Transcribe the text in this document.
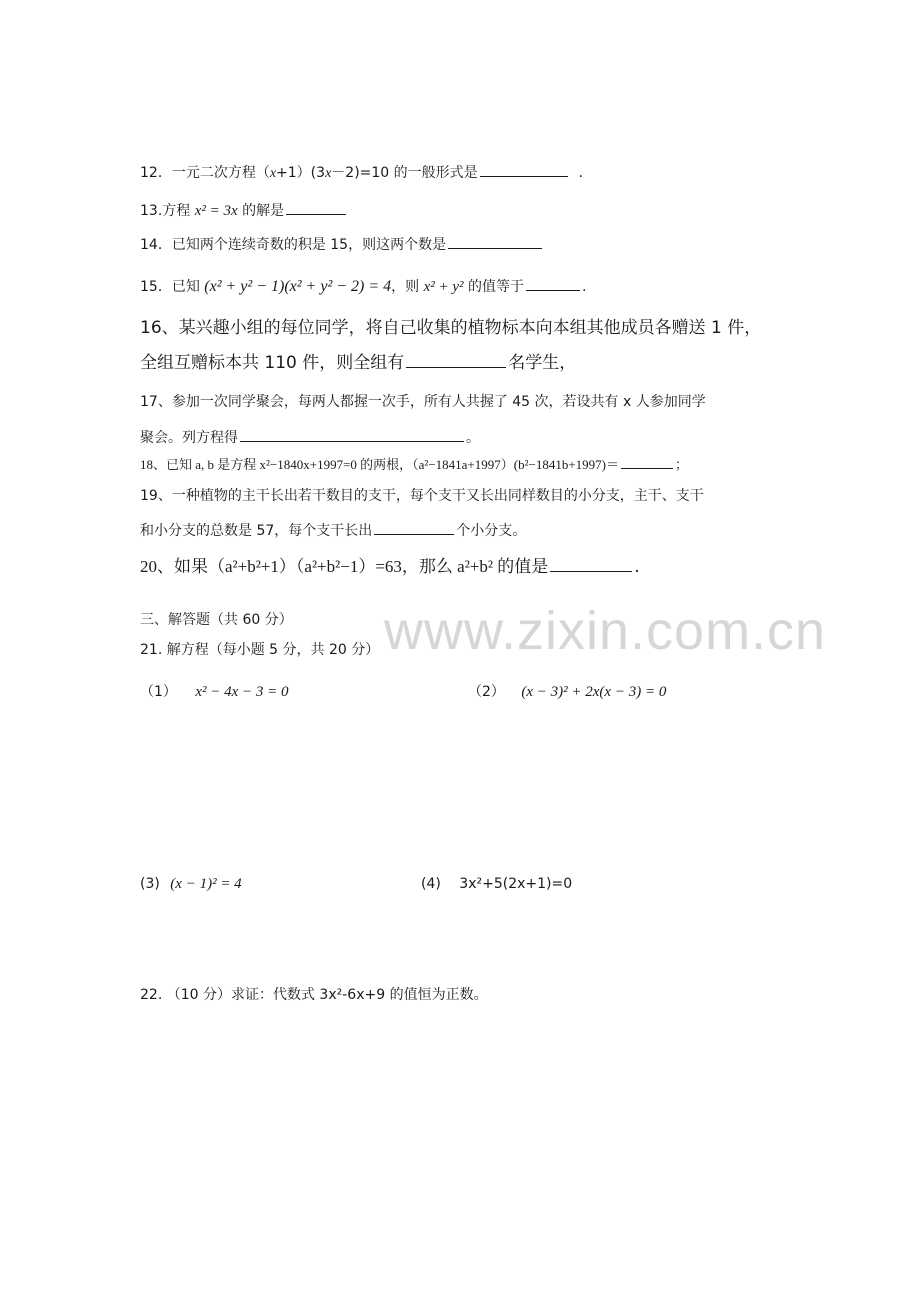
12．一元二次方程（x+1）(3x－2)=10 的一般形式是	．
13.方程 x² = 3x 的解是
14．已知两个连续奇数的积是 15，则这两个数是
15．已知 (x² + y² − 1)(x² + y² − 2) = 4，则 x² + y² 的值等于	.
16、某兴趣小组的每位同学，将自己收集的植物标本向本组其他成员各赠送 1 件，
全组互赠标本共 110 件，则全组有	名学生，
17、参加一次同学聚会，每两人都握一次手，所有人共握了 45 次，若设共有 x 人参加同学
聚会。列方程得	。
18、已知 a, b 是方程 x²−1840x+1997=0 的两根，（a²−1841a+1997）(b²−1841b+1997)＝	；
19、一种植物的主干长出若干数目的支干，每个支干又长出同样数目的小分支，主干、支干
和小分支的总数是 57，每个支干长出	个小分支。
20、如果（a²+b²+1）（a²+b²−1）=63，那么 a²+b² 的值是	.
www.zixin.com.cn
三、解答题（共 60 分）
21. 解方程（每小题 5 分，共 20 分）
（1） x² − 4x − 3 = 0	（2） (x − 3)² + 2x(x − 3) = 0
(3) (x − 1)² = 4	(4) 3x²+5(2x+1)=0
22. （10 分）求证：代数式 3x²-6x+9 的值恒为正数。
